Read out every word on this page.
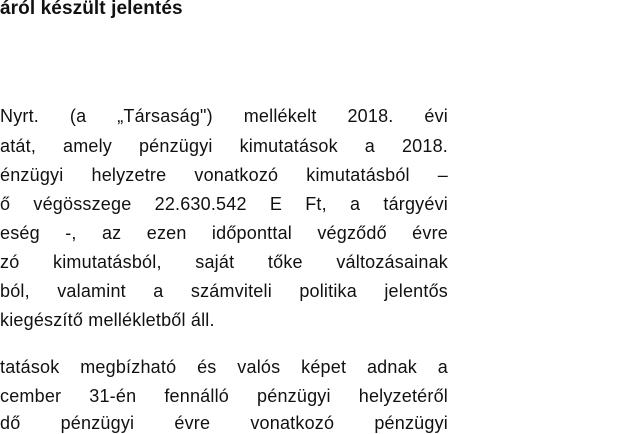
áról készült jelentés
Nyrt. (a „Társaság") mellékelt 2018. évi
atát, amely pénzügyi kimutatások a 2018.
énzügyi helyzetre vonatkozó kimutatásból –
ő végösszege 22.630.542 E Ft, a tárgyévi
eség -, az ezen időponttal végződő évre
zó kimutatásból, saját tőke változásainak
ból, valamint a számviteli politika jelentős
kiegészítő mellékletből áll.
tatások megbízható és valós képet adnak a
cember 31-én fennálló pénzügyi helyzetéről
dő pénzügyi évre vonatkozó pénzügyi
